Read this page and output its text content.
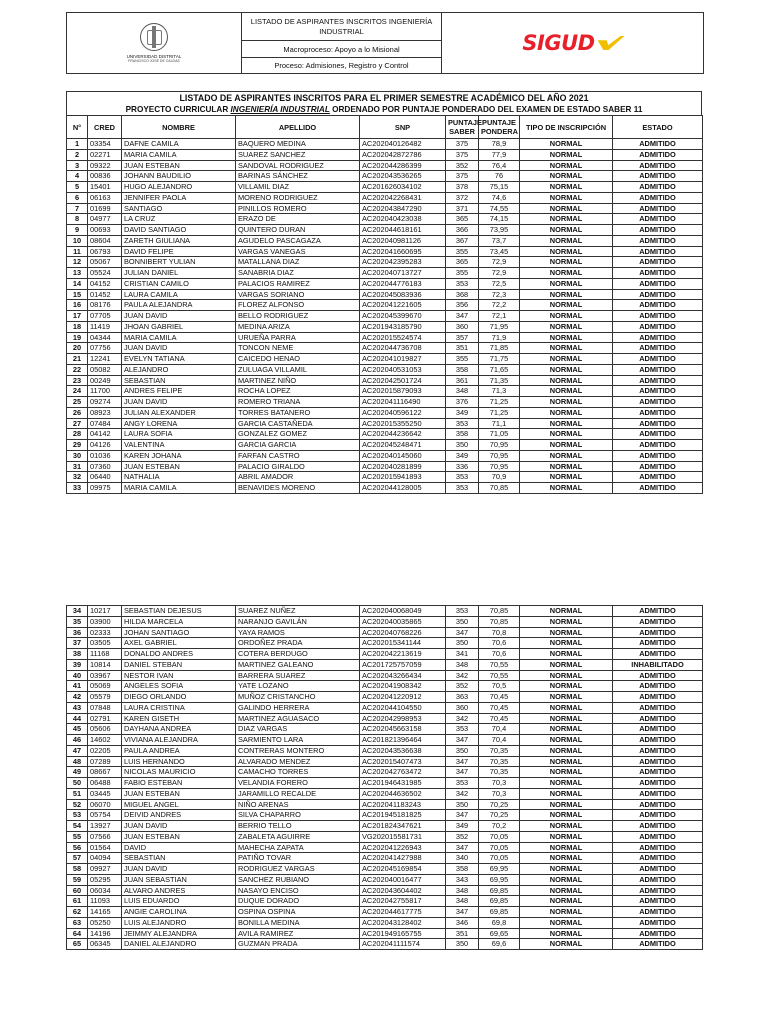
UNIVERSIDAD DISTRITAL
FRANCISCO JOSÉ DE CALDAS
LISTADO DE ASPIRANTES INSCRITOS INGENIERÍA INDUSTRIAL
Macroproceso: Apoyo a lo Misional
Proceso: Admisiones, Registro y Control
SIGUD
LISTADO DE ASPIRANTES INSCRITOS PARA EL PRIMER SEMESTRE ACADÉMICO DEL AÑO 2021
PROYECTO CURRICULAR INGENIERÍA INDUSTRIAL ORDENADO POR PUNTAJE PONDERADO DEL EXAMEN DE ESTADO SABER 11
N°	CRED	NOMBRE	APELLIDO	SNP	PUNTAJE SABER	PUNTAJE PONDERA	TIPO DE INSCRIPCIÓN	ESTADO
1	03354	DAFNE CAMILA	BAQUERO MEDINA	AC202040126482	375	78,9	NORMAL	ADMITIDO
2	02271	MARIA CAMILA	SUAREZ SANCHEZ	AC202042872786	375	77,9	NORMAL	ADMITIDO
3	09322	JUAN ESTEBAN	SANDOVAL RODRIGUEZ	AC202044286399	352	76,4	NORMAL	ADMITIDO
4	00836	JOHANN BAUDILIO	BARINAS SÁNCHEZ	AC202043536265	375	76	NORMAL	ADMITIDO
5	15401	HUGO ALEJANDRO	VILLAMIL DIAZ	AC201626034102	378	75,15	NORMAL	ADMITIDO
6	06163	JENNIFER PAOLA	MORENO RODRIGUEZ	AC202042268431	372	74,6	NORMAL	ADMITIDO
7	01699	SANTIAGO	PINILLOS ROMERO	AC202043847290	371	74,55	NORMAL	ADMITIDO
8	04977	LA CRUZ	ERAZO DE	AC202040423038	365	74,15	NORMAL	ADMITIDO
9	00693	DAVID SANTIAGO	QUINTERO DURAN	AC202044618161	366	73,95	NORMAL	ADMITIDO
10	08604	ZARETH GIULIANA	AGUDELO PASCAGAZA	AC202040981126	367	73,7	NORMAL	ADMITIDO
11	06793	DAVID FELIPE	VARGAS VANEGAS	AC202041660695	355	73,45	NORMAL	ADMITIDO
12	05067	BONNIBERT YULIAN	MATALLANA DIAZ	AC202042395283	365	72,9	NORMAL	ADMITIDO
13	05524	JULIAN DANIEL	SANABRIA DIAZ	AC202040713727	355	72,9	NORMAL	ADMITIDO
14	04152	CRISTIAN CAMILO	PALACIOS RAMIREZ	AC202044776183	353	72,5	NORMAL	ADMITIDO
15	01452	LAURA CAMILA	VARGAS SORIANO	AC202045083936	368	72,3	NORMAL	ADMITIDO
16	08176	PAULA ALEJANDRA	FLOREZ ALFONSO	AC202041221605	356	72,2	NORMAL	ADMITIDO
17	07705	JUAN DAVID	BELLO RODRIGUEZ	AC202045399670	347	72,1	NORMAL	ADMITIDO
18	11419	JHOAN GABRIEL	MEDINA ARIZA	AC201943185790	360	71,95	NORMAL	ADMITIDO
19	04344	MARIA CAMILA	URUEÑA PARRA	AC202015524574	357	71,9	NORMAL	ADMITIDO
20	07756	JUAN DAVID	TONCON NEME	AC202044736708	351	71,85	NORMAL	ADMITIDO
21	12241	EVELYN TATIANA	CAICEDO HENAO	AC202041019827	355	71,75	NORMAL	ADMITIDO
22	05082	ALEJANDRO	ZULUAGA VILLAMIL	AC202040531053	358	71,65	NORMAL	ADMITIDO
23	00249	SEBASTIAN	MARTINEZ NIÑO	AC202042501724	361	71,35	NORMAL	ADMITIDO
24	11700	ANDRES FELIPE	ROCHA LOPEZ	AC202015879093	348	71,3	NORMAL	ADMITIDO
25	09274	JUAN DAVID	ROMERO TRIANA	AC202041116490	376	71,25	NORMAL	ADMITIDO
26	08923	JULIAN ALEXANDER	TORRES BATANERO	AC202040596122	349	71,25	NORMAL	ADMITIDO
27	07484	ANGY LORENA	GARCIA CASTAÑEDA	AC202015355250	353	71,1	NORMAL	ADMITIDO
28	04142	LAURA SOFIA	GONZALEZ GOMEZ	AC202044236642	358	71,05	NORMAL	ADMITIDO
29	04126	VALENTINA	GARCIA GARCIA	AC202045248471	350	70,95	NORMAL	ADMITIDO
30	01036	KAREN JOHANA	FARFAN CASTRO	AC202040145060	349	70,95	NORMAL	ADMITIDO
31	07360	JUAN ESTEBAN	PALACIO GIRALDO	AC202040281899	336	70,95	NORMAL	ADMITIDO
32	06440	NATHALIA	ABRIL AMADOR	AC202015941893	353	70,9	NORMAL	ADMITIDO
33	09975	MARIA CAMILA	BENAVIDES MORENO	AC202044128005	353	70,85	NORMAL	ADMITIDO
34	10217	SEBASTIAN DEJESUS	SUAREZ NUÑEZ	AC202040068049	353	70,85	NORMAL	ADMITIDO
35	03900	HILDA MARCELA	NARANJO GAVILÁN	AC202040035865	350	70,85	NORMAL	ADMITIDO
36	02333	JOHAN SANTIAGO	YAYA RAMOS	AC202040768226	347	70,8	NORMAL	ADMITIDO
37	03505	AXEL GABRIEL	ORDOÑEZ PRADA	AC202015341144	350	70,6	NORMAL	ADMITIDO
38	11168	DONALDO ANDRES	COTERA BERDUGO	AC202042213619	341	70,6	NORMAL	ADMITIDO
39	10814	DANIEL STEBAN	MARTINEZ GALEANO	AC201725757059	348	70,55	NORMAL	INHABILITADO
40	03967	NESTOR IVAN	BARRERA SUAREZ	AC202043266434	342	70,55	NORMAL	ADMITIDO
41	05069	ANGELES SOFIA	YATE LOZANO	AC202041908342	352	70,5	NORMAL	ADMITIDO
42	05579	DIEGO ORLANDO	MUÑOZ CRISTANCHO	AC202041220912	363	70,45	NORMAL	ADMITIDO
43	07848	LAURA CRISTINA	GALINDO HERRERA	AC202044104550	360	70,45	NORMAL	ADMITIDO
44	02791	KAREN GISETH	MARTINEZ AGUASACO	AC202042998953	342	70,45	NORMAL	ADMITIDO
45	05606	DAYHANA ANDREA	DIAZ VARGAS	AC202045663158	353	70,4	NORMAL	ADMITIDO
46	14602	VIVIANA ALEJANDRA	SARMIENTO LARA	AC201821396464	347	70,4	NORMAL	ADMITIDO
47	02205	PAULA ANDREA	CONTRERAS MONTERO	AC202043536638	350	70,35	NORMAL	ADMITIDO
48	07289	LUIS HERNANDO	ALVARADO MENDEZ	AC202015407473	347	70,35	NORMAL	ADMITIDO
49	08667	NICOLAS MAURICIO	CAMACHO TORRES	AC202042763472	347	70,35	NORMAL	ADMITIDO
50	06488	FABIO ESTEBAN	VELANDIA FORERO	AC201946431985	353	70,3	NORMAL	ADMITIDO
51	03445	JUAN ESTEBAN	JARAMILLO RECALDE	AC202044636502	342	70,3	NORMAL	ADMITIDO
52	06070	MIGUEL ANGEL	NIÑO ARENAS	AC202041183243	350	70,25	NORMAL	ADMITIDO
53	05754	DEIVID ANDRES	SILVA CHAPARRO	AC201945181825	347	70,25	NORMAL	ADMITIDO
54	13927	JUAN DAVID	BERRIO TELLO	AC201824347621	349	70,2	NORMAL	ADMITIDO
55	07566	JUAN ESTEBAN	ZABALETA AGUIRRE	VG202015581731	352	70,05	NORMAL	ADMITIDO
56	01564	DAVID	MAHECHA ZAPATA	AC202041226943	347	70,05	NORMAL	ADMITIDO
57	04094	SEBASTIAN	PATIÑO TOVAR	AC202041427988	340	70,05	NORMAL	ADMITIDO
58	09927	JUAN DAVID	RODRIGUEZ VARGAS	AC202045169854	358	69,95	NORMAL	ADMITIDO
59	05295	JUAN SEBASTIAN	SANCHEZ RUBIANO	AC202040016477	343	69,95	NORMAL	ADMITIDO
60	06034	ALVARO ANDRES	NASAYO ENCISO	AC202043604402	348	69,85	NORMAL	ADMITIDO
61	11093	LUIS EDUARDO	DUQUE DORADO	AC202042755817	348	69,85	NORMAL	ADMITIDO
62	14165	ANGIE CAROLINA	OSPINA OSPINA	AC202044617775	347	69,85	NORMAL	ADMITIDO
63	05250	LUIS ALEJANDRO	BONILLA MEDINA	AC202043128402	346	69,8	NORMAL	ADMITIDO
64	14196	JEIMMY ALEJANDRA	AVILA RAMIREZ	AC201949165755	351	69,65	NORMAL	ADMITIDO
65	06345	DANIEL ALEJANDRO	GUZMAN PRADA	AC202041111574	350	69,6	NORMAL	ADMITIDO
